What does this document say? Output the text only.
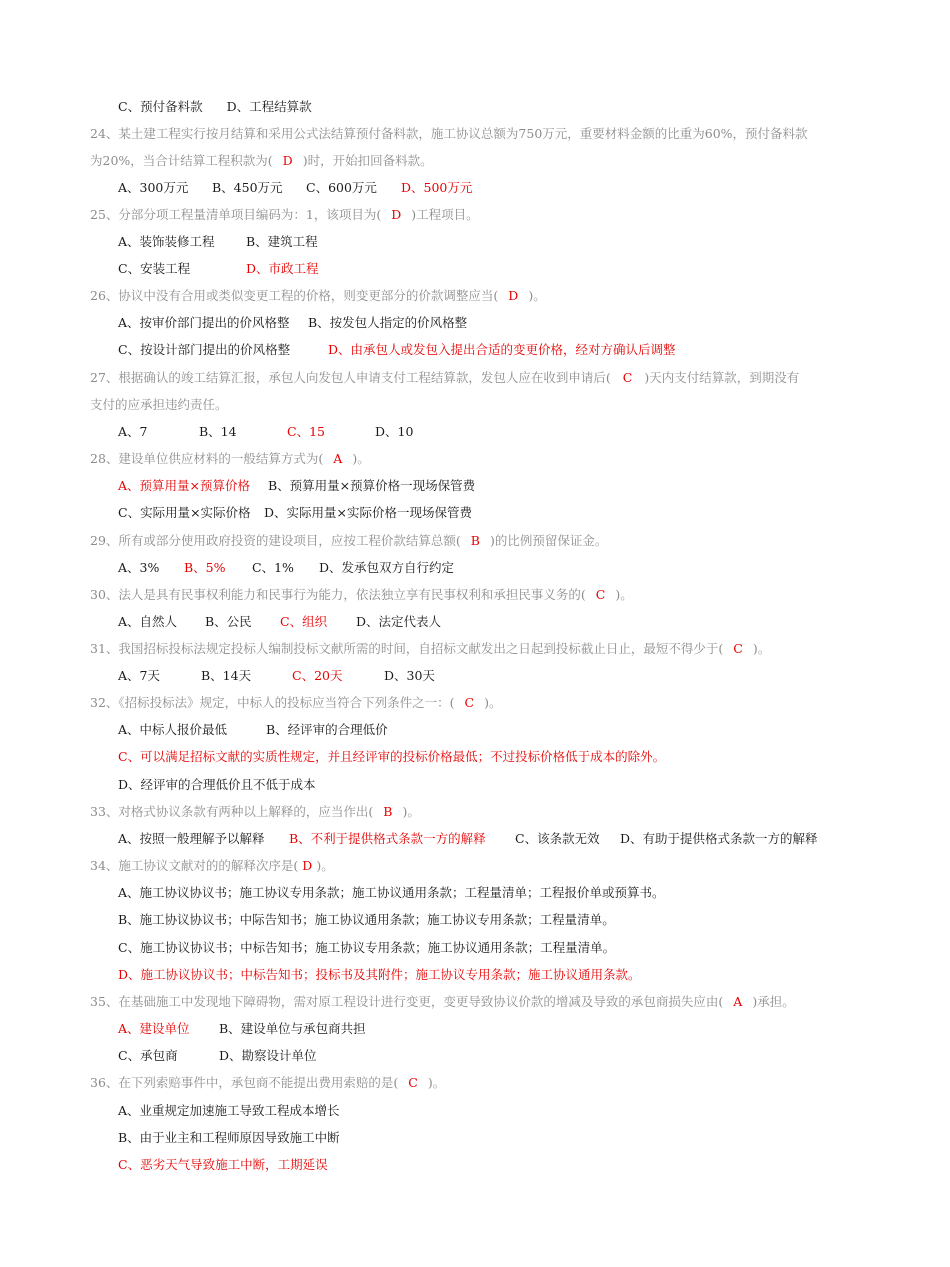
C、预付备料款 D、工程结算款
24、某土建工程实行按月结算和采用公式法结算预付备料款，施工协议总额为750万元，重要材料金额的比重为60%，预付备料款
为20%，当合计结算工程积款为( D )时，开始扣回备料款。
A、300万元 B、450万元 C、600万元 D、500万元
25、分部分项工程量清单项目编码为：1，该项目为( D )工程项目。
A、装饰装修工程	B、建筑工程
C、安装工程	D、市政工程
26、协议中没有合用或类似变更工程的价格，则变更部分的价款调整应当( D )。
A、按审价部门提出的价风格整 B、按发包人指定的价风格整
C、按设计部门提出的价风格整	D、由承包人或发包入提出合适的变更价格，经对方确认后调整
27、根据确认的竣工结算汇报，承包人向发包人申请支付工程结算款，发包人应在收到申请后( C )天内支付结算款，到期没有
支付的应承担违约责任。
A、7	B、14	C、15	D、10
28、建设单位供应材料的一般结算方式为( A )。
A、预算用量×预算价格 B、预算用量×预算价格一现场保管费
C、实际用量×实际价格 D、实际用量×实际价格一现场保管费
29、所有或部分使用政府投资的建设项目，应按工程价款结算总额( B )的比例预留保证金。
A、3% B、5% C、1% D、发承包双方自行约定
30、法人是具有民事权利能力和民事行为能力，依法独立享有民事权利和承担民事义务的( C )。
A、自然人 B、公民 C、组织 D、法定代表人
31、我国招标投标法规定投标人编制投标文献所需的时间，自招标文献发出之日起到投标截止日止，最短不得少于( C )。
A、7天	B、14天	C、20天	D、30天
32、《招标投标法》规定，中标人的投标应当符合下列条件之一：( C )。
A、中标人报价最低	B、经评审的合理低价
C、可以满足招标文献的实质性规定，并且经评审的投标价格最低；不过投标价格低于成本的除外。
D、经评审的合理低价且不低于成本
33、对格式协议条款有两种以上解释的，应当作出( B )。
A、按照一般理解予以解释 B、不利于提供格式条款一方的解释 C、该条款无效 D、有助于提供格式条款一方的解释
34、施工协议文献对的的解释次序是( D )。
A、施工协议协议书；施工协议专用条款；施工协议通用条款；工程量清单；工程报价单或预算书。
B、施工协议协议书；中际告知书；施工协议通用条款；施工协议专用条款；工程量清单。
C、施工协议协议书；中标告知书；施工协议专用条款；施工协议通用条款；工程量清单。
D、施工协议协议书；中标告知书；投标书及其附件；施工协议专用条款；施工协议通用条款。
35、在基础施工中发现地下障碍物，需对原工程设计进行变更，变更导致协议价款的增减及导致的承包商损失应由( A )承担。
A、建设单位 B、建设单位与承包商共担
C、承包商	D、勘察设计单位
36、在下列索赔事件中，承包商不能提出费用索赔的是( C )。
A、业重规定加速施工导致工程成本增长
B、由于业主和工程师原因导致施工中断
C、恶劣天气导致施工中断，工期延误
